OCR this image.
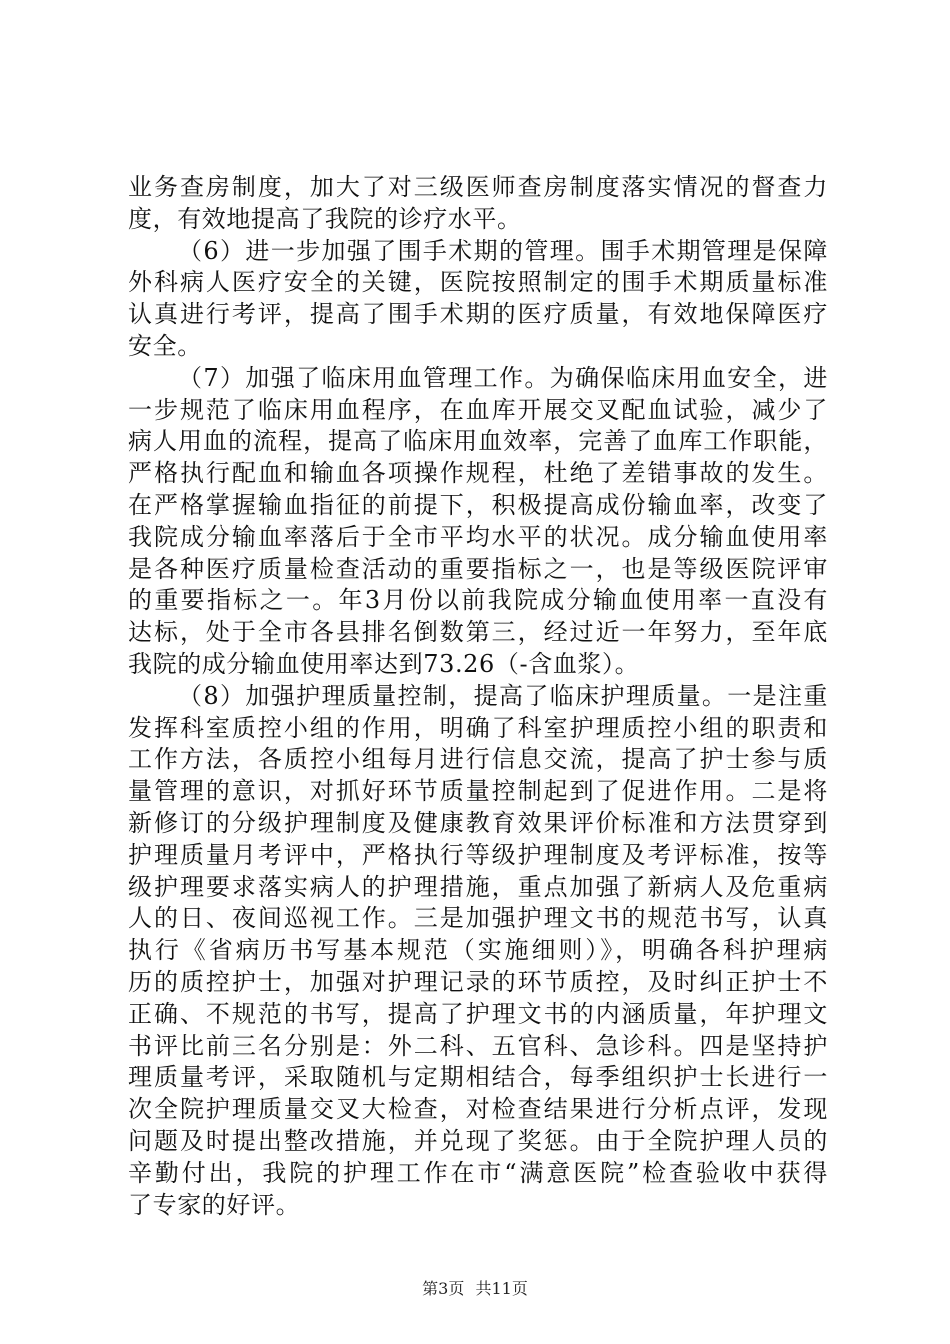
业务查房制度，加大了对三级医师查房制度落实情况的督查力
度，有效地提高了我院的诊疗水平。
（6）进一步加强了围手术期的管理。围手术期管理是保障
外科病人医疗安全的关键，医院按照制定的围手术期质量标准
认真进行考评，提高了围手术期的医疗质量，有效地保障医疗
安全。
（7）加强了临床用血管理工作。为确保临床用血安全，进
一步规范了临床用血程序，在血库开展交叉配血试验，减少了
病人用血的流程，提高了临床用血效率，完善了血库工作职能，
严格执行配血和输血各项操作规程，杜绝了差错事故的发生。
在严格掌握输血指征的前提下，积极提高成份输血率，改变了
我院成分输血率落后于全市平均水平的状况。成分输血使用率
是各种医疗质量检查活动的重要指标之一，也是等级医院评审
的重要指标之一。年3月份以前我院成分输血使用率一直没有
达标，处于全市各县排名倒数第三，经过近一年努力，至年底
我院的成分输血使用率达到73.26（-含血浆）。
（8）加强护理质量控制，提高了临床护理质量。一是注重
发挥科室质控小组的作用，明确了科室护理质控小组的职责和
工作方法，各质控小组每月进行信息交流，提高了护士参与质
量管理的意识，对抓好环节质量控制起到了促进作用。二是将
新修订的分级护理制度及健康教育效果评价标准和方法贯穿到
护理质量月考评中，严格执行等级护理制度及考评标准，按等
级护理要求落实病人的护理措施，重点加强了新病人及危重病
人的日、夜间巡视工作。三是加强护理文书的规范书写，认真
执行《省病历书写基本规范（实施细则）》，明确各科护理病
历的质控护士，加强对护理记录的环节质控，及时纠正护士不
正确、不规范的书写，提高了护理文书的内涵质量，年护理文
书评比前三名分别是：外二科、五官科、急诊科。四是坚持护
理质量考评，采取随机与定期相结合，每季组织护士长进行一
次全院护理质量交叉大检查，对检查结果进行分析点评，发现
问题及时提出整改措施，并兑现了奖惩。由于全院护理人员的
辛勤付出，我院的护理工作在市“满意医院”检查验收中获得
了专家的好评。
第3页 共11页
